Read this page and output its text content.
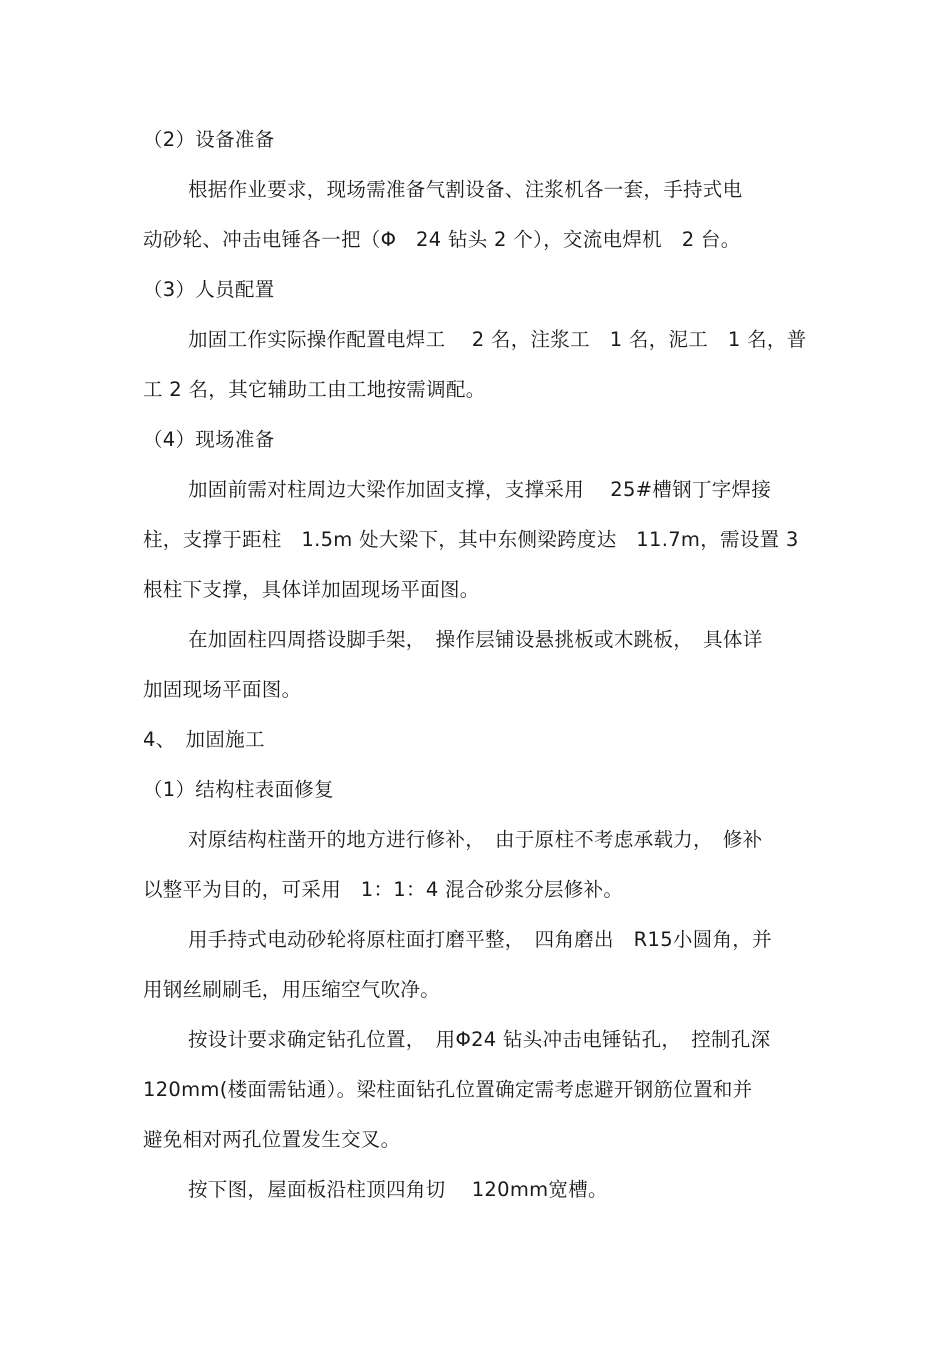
（2）设备准备
根据作业要求，现场需准备气割设备、注浆机各一套，手持式电
动砂轮、冲击电锤各一把（Φ　24 钻头 2 个），交流电焊机　2 台。
（3）人员配置
加固工作实际操作配置电焊工　 2 名，注浆工　1 名，泥工　1 名，普
工 2 名，其它辅助工由工地按需调配。
（4）现场准备
加固前需对柱周边大梁作加固支撑，支撑采用　 25#槽钢丁字焊接
柱，支撑于距柱　1.5m 处大梁下，其中东侧梁跨度达　11.7m，需设置 3
根柱下支撑，具体详加固现场平面图。
在加固柱四周搭设脚手架，　操作层铺设悬挑板或木跳板，　具体详
加固现场平面图。
4、　加固施工
（1）结构柱表面修复
对原结构柱凿开的地方进行修补，　由于原柱不考虑承载力，　修补
以整平为目的，可采用　1：1：4 混合砂浆分层修补。
用手持式电动砂轮将原柱面打磨平整，　四角磨出　R15小圆角，并
用钢丝刷刷毛，用压缩空气吹净。
按设计要求确定钻孔位置，　用Φ24 钻头冲击电锤钻孔，　控制孔深
120mm(楼面需钻通）。梁柱面钻孔位置确定需考虑避开钢筋位置和并
避免相对两孔位置发生交叉。
按下图，屋面板沿柱顶四角切　 120mm宽槽。
